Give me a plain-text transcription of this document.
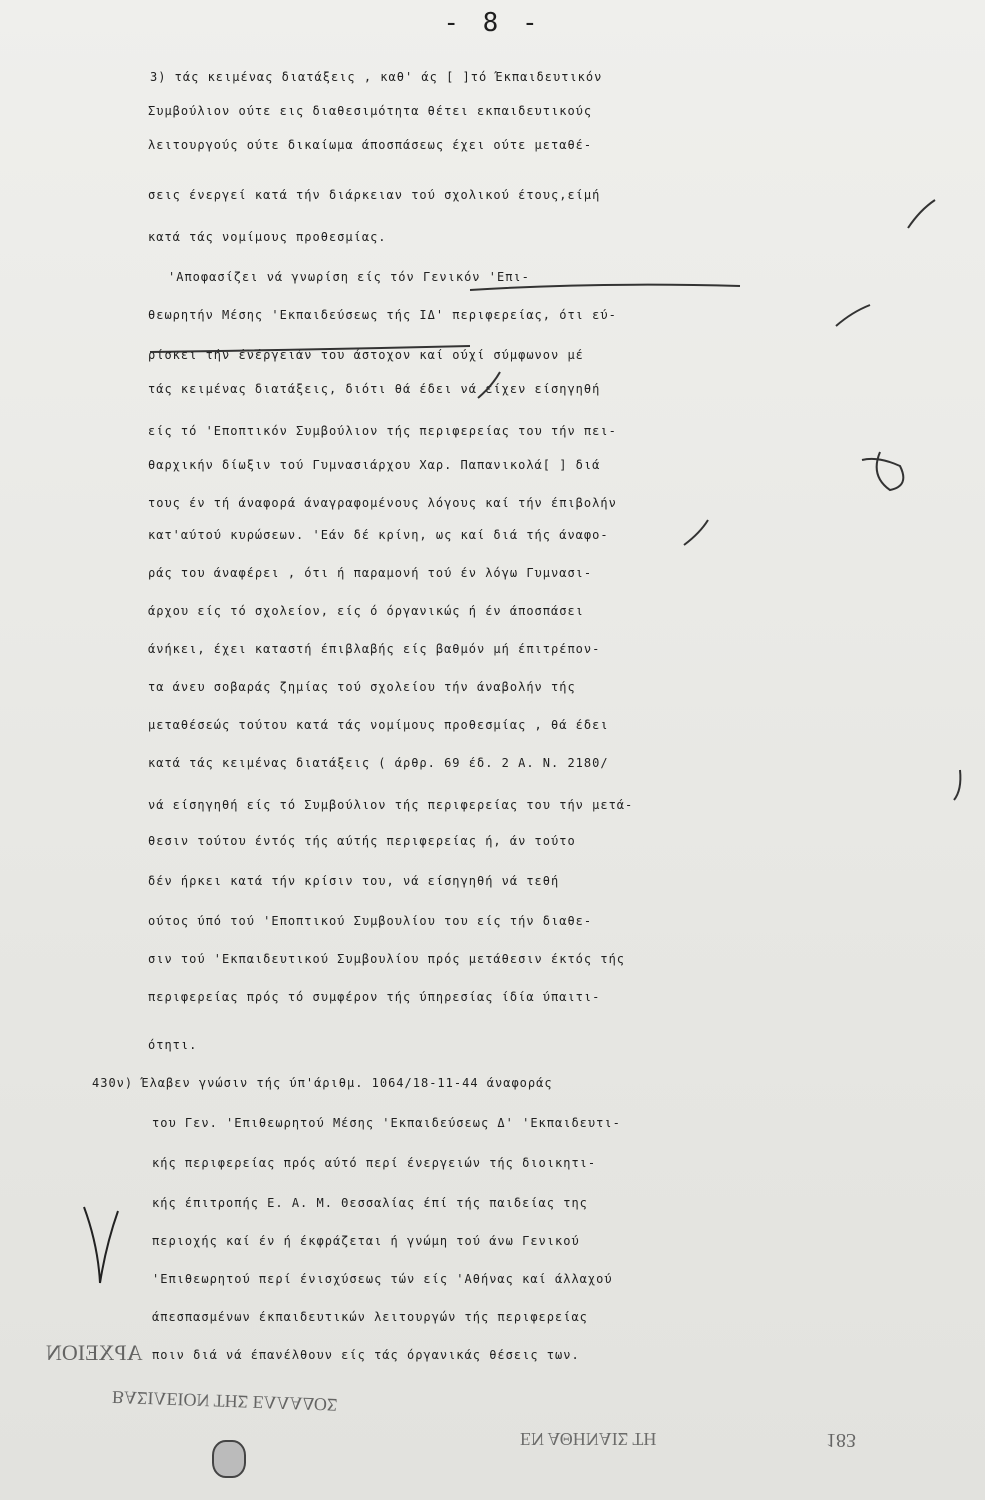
- 8 -
3) τάς κειμένας διατάξεις , καθ' άς [ ]τό Έκπαιδευτικόν
Συμβούλιον ούτε εις διαθεσιμότητα θέτει εκπαιδευτικούς
λειτουργούς ούτε δικαίωμα άποσπάσεως έχει ούτε μεταθέ-
σεις ένεργεί κατά τήν διάρκειαν τού σχολικού έτους,είμή
κατά τάς νομίμους προθεσμίας.
'Αποφασίζει νά γνωρίση είς τόν Γενικόν 'Επι-
θεωρητήν Μέσης 'Εκπαιδεύσεως τής ΙΔ' περιφερείας, ότι εύ-
ρίσκει τήν ένέργειάν του άστοχον καί ούχί σύμφωνον μέ
τάς κειμένας διατάξεις, διότι θά έδει νά είχεν είσηγηθή
είς τό 'Εποπτικόν Συμβούλιον τής περιφερείας του τήν πει-
θαρχικήν δίωξιν τού Γυμνασιάρχου Χαρ. Παπανικολά[ ] διά
τους έν τή άναφορά άναγραφομένους λόγους καί τήν έπιβολήν
κατ'αύτού κυρώσεων. 'Εάν δέ κρίνη, ως καί διά τής άναφο-
ράς του άναφέρει , ότι ή παραμονή τού έν λόγω Γυμνασι-
άρχου είς τό σχολείον, είς ό όργανικώς ή έν άποσπάσει
άνήκει, έχει καταστή έπιβλαβής είς βαθμόν μή έπιτρέπον-
τα άνευ σοβαράς ζημίας τού σχολείου τήν άναβολήν τής
μεταθέσεώς τούτου κατά τάς νομίμους προθεσμίας , θά έδει
κατά τάς κειμένας διατάξεις ( άρθρ. 69 έδ. 2 Α. Ν. 2180/
νά είσηγηθή είς τό Συμβούλιον τής περιφερείας του τήν μετά-
θεσιν τούτου έντός τής αύτής περιφερείας ή, άν τούτο
δέν ήρκει κατά τήν κρίσιν του, νά είσηγηθή νά τεθή
ούτος ύπό τού 'Εποπτικού Συμβουλίου του είς τήν διαθε-
σιν τού 'Εκπαιδευτικού Συμβουλίου πρός μετάθεσιν έκτός τής
περιφερείας πρός τό συμφέρον τής ύπηρεσίας ίδία ύπαιτι-
ότητι.
430ν) Έλαβεν γνώσιν τής ύπ'άριθμ. 1064/18-11-44 άναφοράς
του Γεν. 'Επιθεωρητού Μέσης 'Εκπαιδεύσεως Δ' 'Εκπαιδευτι-
κής περιφερείας πρός αύτό περί ένεργειών τής διοικητι-
κής έπιτροπής Ε. Α. Μ. Θεσσαλίας έπί τής παιδείας της
περιοχής καί έν ή έκφράζεται ή γνώμη τού άνω Γενικού
'Επιθεωρητού περί ένισχύσεως τών είς 'Αθήνας καί άλλαχού
άπεσπασμένων έκπαιδευτικών λειτουργών τής περιφερείας
ποιν διά νά έπανέλθουν είς τάς όργανικάς θέσεις των.
ΑΡΧΕΙΟΝ
ΒΑΣΙΛΕΙΟΝ ΤΗΣ ΕΛΛΑΔΟΣ
ΕΝ ΑΘΗΝΑΙΣ ΤΗ	183
